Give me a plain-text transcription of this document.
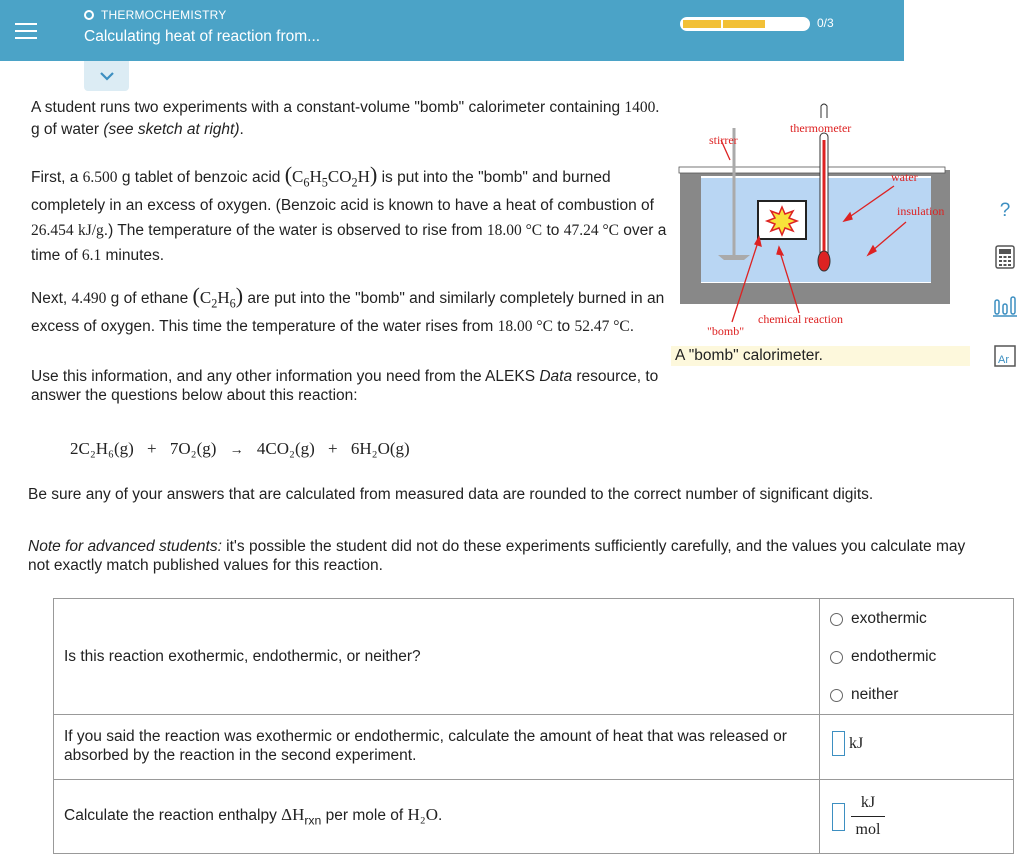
THERMOCHEMISTRY
Calculating heat of reaction from...
0/3

A student runs two experiments with a constant-volume "bomb" calorimeter containing 1400. g of water (see sketch at right).

First, a 6.500 g tablet of benzoic acid $(C_6H_5CO_2H)$ is put into the "bomb" and burned completely in an excess of oxygen. (Benzoic acid is known to have a heat of combustion of 26.454 kJ/g.) The temperature of the water is observed to rise from 18.00 °C to 47.24 °C over a time of 6.1 minutes.

Next, 4.490 g of ethane $(C_2H_6)$ are put into the "bomb" and similarly completely burned in an excess of oxygen. This time the temperature of the water rises from 18.00 °C to 52.47 °C.

Use this information, and any other information you need from the ALEKS Data resource, to answer the questions below about this reaction:

2C₂H₆(g) + 7O₂(g) → 4CO₂(g) + 6H₂O(g)
Be sure any of your answers that are calculated from measured data are rounded to the correct number of significant digits.
Note for advanced students: it's possible the student did not do these experiments sufficiently carefully, and the values you calculate may not exactly match published values for this reaction.
stirrer
thermometer
water
insulation
chemical reaction
"bomb"
A "bomb" calorimeter.
?
Ar
Is this reaction exothermic, endothermic, or neither?
exothermic
endothermic
neither
If you said the reaction was exothermic or endothermic, calculate the amount of heat that was released or absorbed by the reaction in the second experiment.
kJ
Calculate the reaction enthalpy $\Delta H_{rxn}$ per mole of H₂O.
kJ
mol
